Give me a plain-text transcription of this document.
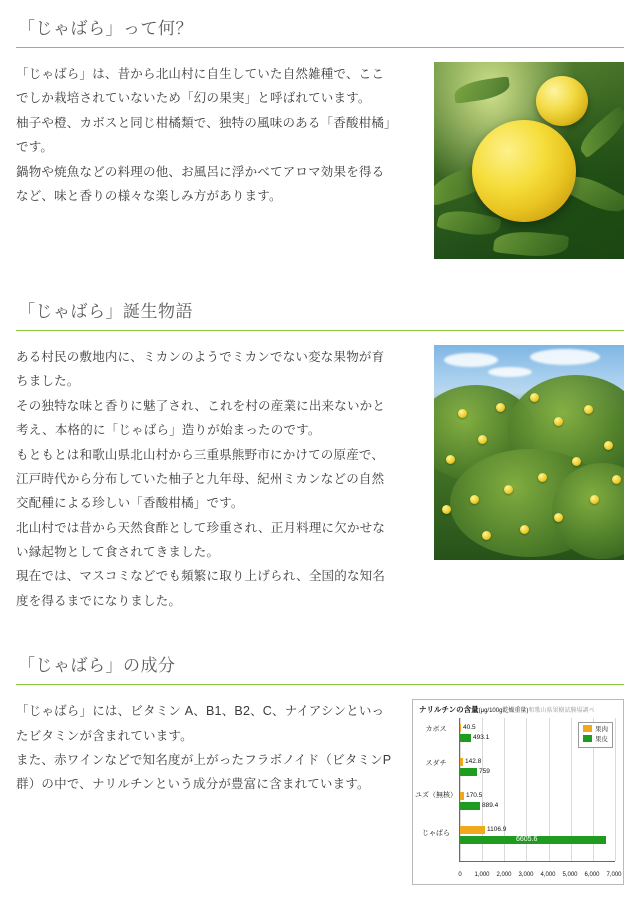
「じゃばら」って何？

「じゃばら」は、昔から北山村に自生していた自然雑種で、ここでしか栽培されていないため「幻の果実」と呼ばれています。

柚子や橙、カボスと同じ柑橘類で、独特の風味のある「香酸柑橘」です。

鍋物や焼魚などの料理の他、お風呂に浮かべてアロマ効果を得るなど、味と香りの様々な楽しみ方があります。

「じゃばら」誕生物語

ある村民の敷地内に、ミカンのようでミカンでない変な果物が育ちました。

その独特な味と香りに魅了され、これを村の産業に出来ないかと考え、本格的に「じゃばら」造りが始まったのです。

もともとは和歌山県北山村から三重県熊野市にかけての原産で、江戸時代から分布していた柚子と九年母、紀州ミカンなどの自然交配種による珍しい「香酸柑橘」です。

北山村では昔から天然食酢として珍重され、正月料理に欠かせない縁起物として食されてきました。

現在では、マスコミなどでも頻繁に取り上げられ、全国的な知名度を得るまでになりました。

「じゃばら」の成分

「じゃばら」には、ビタミン A、B1、B2、C、ナイアシンといったビタミンが含まれています。

また、赤ワインなどで知名度が上がったフラボノイド（ビタミンP群）の中で、ナリルチンという成分が豊富に含まれています。

ナリルチンの含量(μg/100g乾燥重量)和歌山県果樹試験場調べ
40.5
493.1
142.8
759
170.5
889.4
1106.9
6605.6
カボス
スダチ
ユズ（無核）
じゃばら
0 1,000 2,000 3,000 4,000 5,000 6,000 7,000
果肉
果皮
